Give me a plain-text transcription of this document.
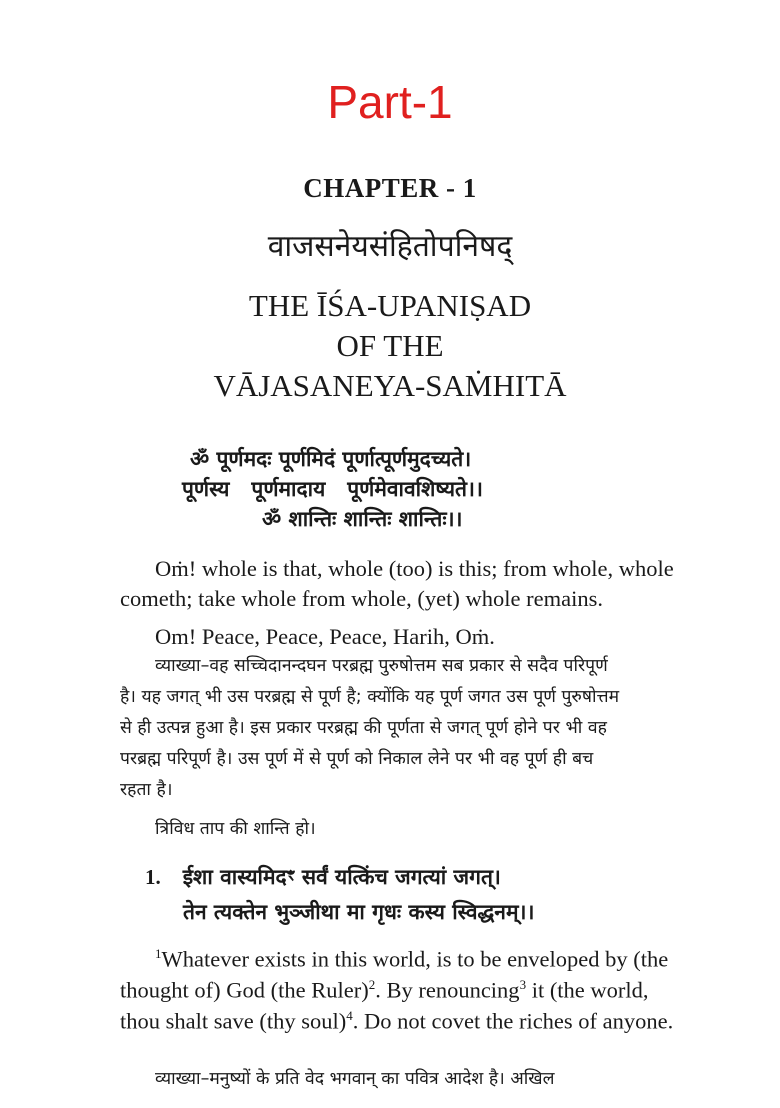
Part-1
CHAPTER - 1
वाजसनेयसंहितोपनिषद्
THE ĪŚA-UPANIṢAD
OF THE
VĀJASANEYA-SAṀHITĀ
ॐ पूर्णमदः पूर्णमिदं पूर्णात्पूर्णमुदच्यते।
पूर्णस्य   पूर्णमादाय   पूर्णमेवावशिष्यते।।
ॐ शान्तिः शान्तिः शान्तिः।।
Oṁ! whole is that, whole (too) is this; from whole, whole
cometh; take whole from whole, (yet) whole remains.
Om! Peace, Peace, Peace, Harih, Oṁ.
व्याख्या–वह सच्चिदानन्दघन परब्रह्म पुरुषोत्तम सब प्रकार से सदैव परिपूर्ण
है। यह जगत् भी उस परब्रह्म से पूर्ण है; क्योंकि यह पूर्ण जगत उस पूर्ण पुरुषोत्तम
से ही उत्पन्न हुआ है। इस प्रकार परब्रह्म की पूर्णता से जगत् पूर्ण होने पर भी वह
परब्रह्म परिपूर्ण है। उस पूर्ण में से पूर्ण को निकाल लेने पर भी वह पूर्ण ही बच
रहता है।
त्रिविध ताप की शान्ति हो।
1. ईशा वास्यमिदꣳ सर्वं यत्किंच जगत्यां जगत्।
तेन त्यक्तेन भुञ्जीथा मा गृधः कस्य स्विद्धनम्।।
$^1$Whatever exists in this world, is to be enveloped by (the
thought of) God (the Ruler)$^2$. By renouncing$^3$ it (the world,
thou shalt save (thy soul)$^4$. Do not covet the riches of anyone.
व्याख्या–मनुष्यों के प्रति वेद भगवान् का पवित्र आदेश है। अखिल
